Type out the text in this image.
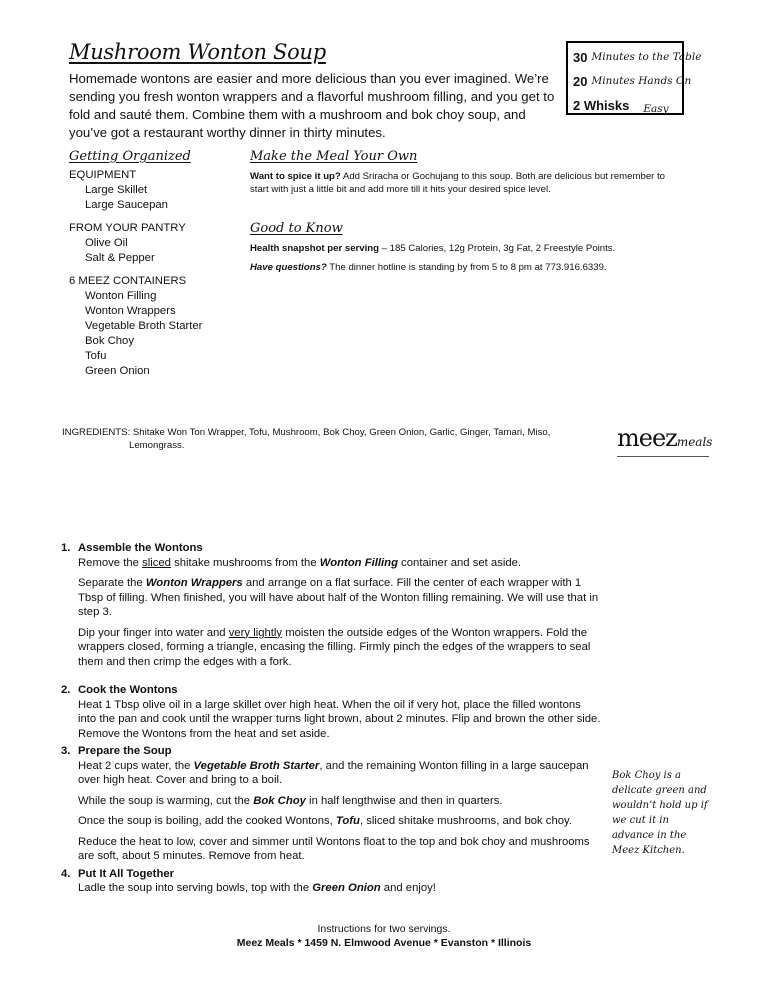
Mushroom Wonton Soup
Homemade wontons are easier and more delicious than you ever imagined. We’re sending you fresh wonton wrappers and a flavorful mushroom filling, and you get to fold and sauté them. Combine them with a mushroom and bok choy soup, and you’ve got a restaurant worthy dinner in thirty minutes.
30 Minutes to the Table
20 Minutes Hands On
2 Whisks Easy
Getting Organized
EQUIPMENT
Large Skillet
Large Saucepan
FROM YOUR PANTRY
Olive Oil
Salt & Pepper
6 MEEZ CONTAINERS
Wonton Filling
Wonton Wrappers
Vegetable Broth Starter
Bok Choy
Tofu
Green Onion
Make the Meal Your Own
Want to spice it up? Add Sriracha or Gochujang to this soup. Both are delicious but remember to start with just a little bit and add more till it hits your desired spice level.
Good to Know
Health snapshot per serving – 185 Calories, 12g Protein, 3g Fat, 2 Freestyle Points.
Have questions? The dinner hotline is standing by from 5 to 8 pm at 773.916.6339.
INGREDIENTS: Shitake Won Ton Wrapper, Tofu, Mushroom, Bok Choy, Green Onion, Garlic, Ginger, Tamari, Miso,
Lemongrass.	meezmeals
1. Assemble the Wontons
Remove the sliced shitake mushrooms from the Wonton Filling container and set aside.
Separate the Wonton Wrappers and arrange on a flat surface. Fill the center of each wrapper with 1 Tbsp of filling. When finished, you will have about half of the Wonton filling remaining. We will use that in step 3.
Dip your finger into water and very lightly moisten the outside edges of the Wonton wrappers. Fold the wrappers closed, forming a triangle, encasing the filling. Firmly pinch the edges of the wrappers to seal them and then crimp the edges with a fork.
2. Cook the Wontons
Heat 1 Tbsp olive oil in a large skillet over high heat. When the oil if very hot, place the filled wontons into the pan and cook until the wrapper turns light brown, about 2 minutes. Flip and brown the other side. Remove the Wontons from the heat and set aside.
3. Prepare the Soup
Heat 2 cups water, the Vegetable Broth Starter, and the remaining Wonton filling in a large saucepan over high heat. Cover and bring to a boil.
While the soup is warming, cut the Bok Choy in half lengthwise and then in quarters.
Once the soup is boiling, add the cooked Wontons, Tofu, sliced shitake mushrooms, and bok choy.
Reduce the heat to low, cover and simmer until Wontons float to the top and bok choy and mushrooms are soft, about 5 minutes. Remove from heat.
4. Put It All Together
Ladle the soup into serving bowls, top with the Green Onion and enjoy!
Bok Choy is a delicate green and wouldn’t hold up if we cut it in advance in the Meez Kitchen.
Instructions for two servings.
Meez Meals * 1459 N. Elmwood Avenue * Evanston * Illinois
